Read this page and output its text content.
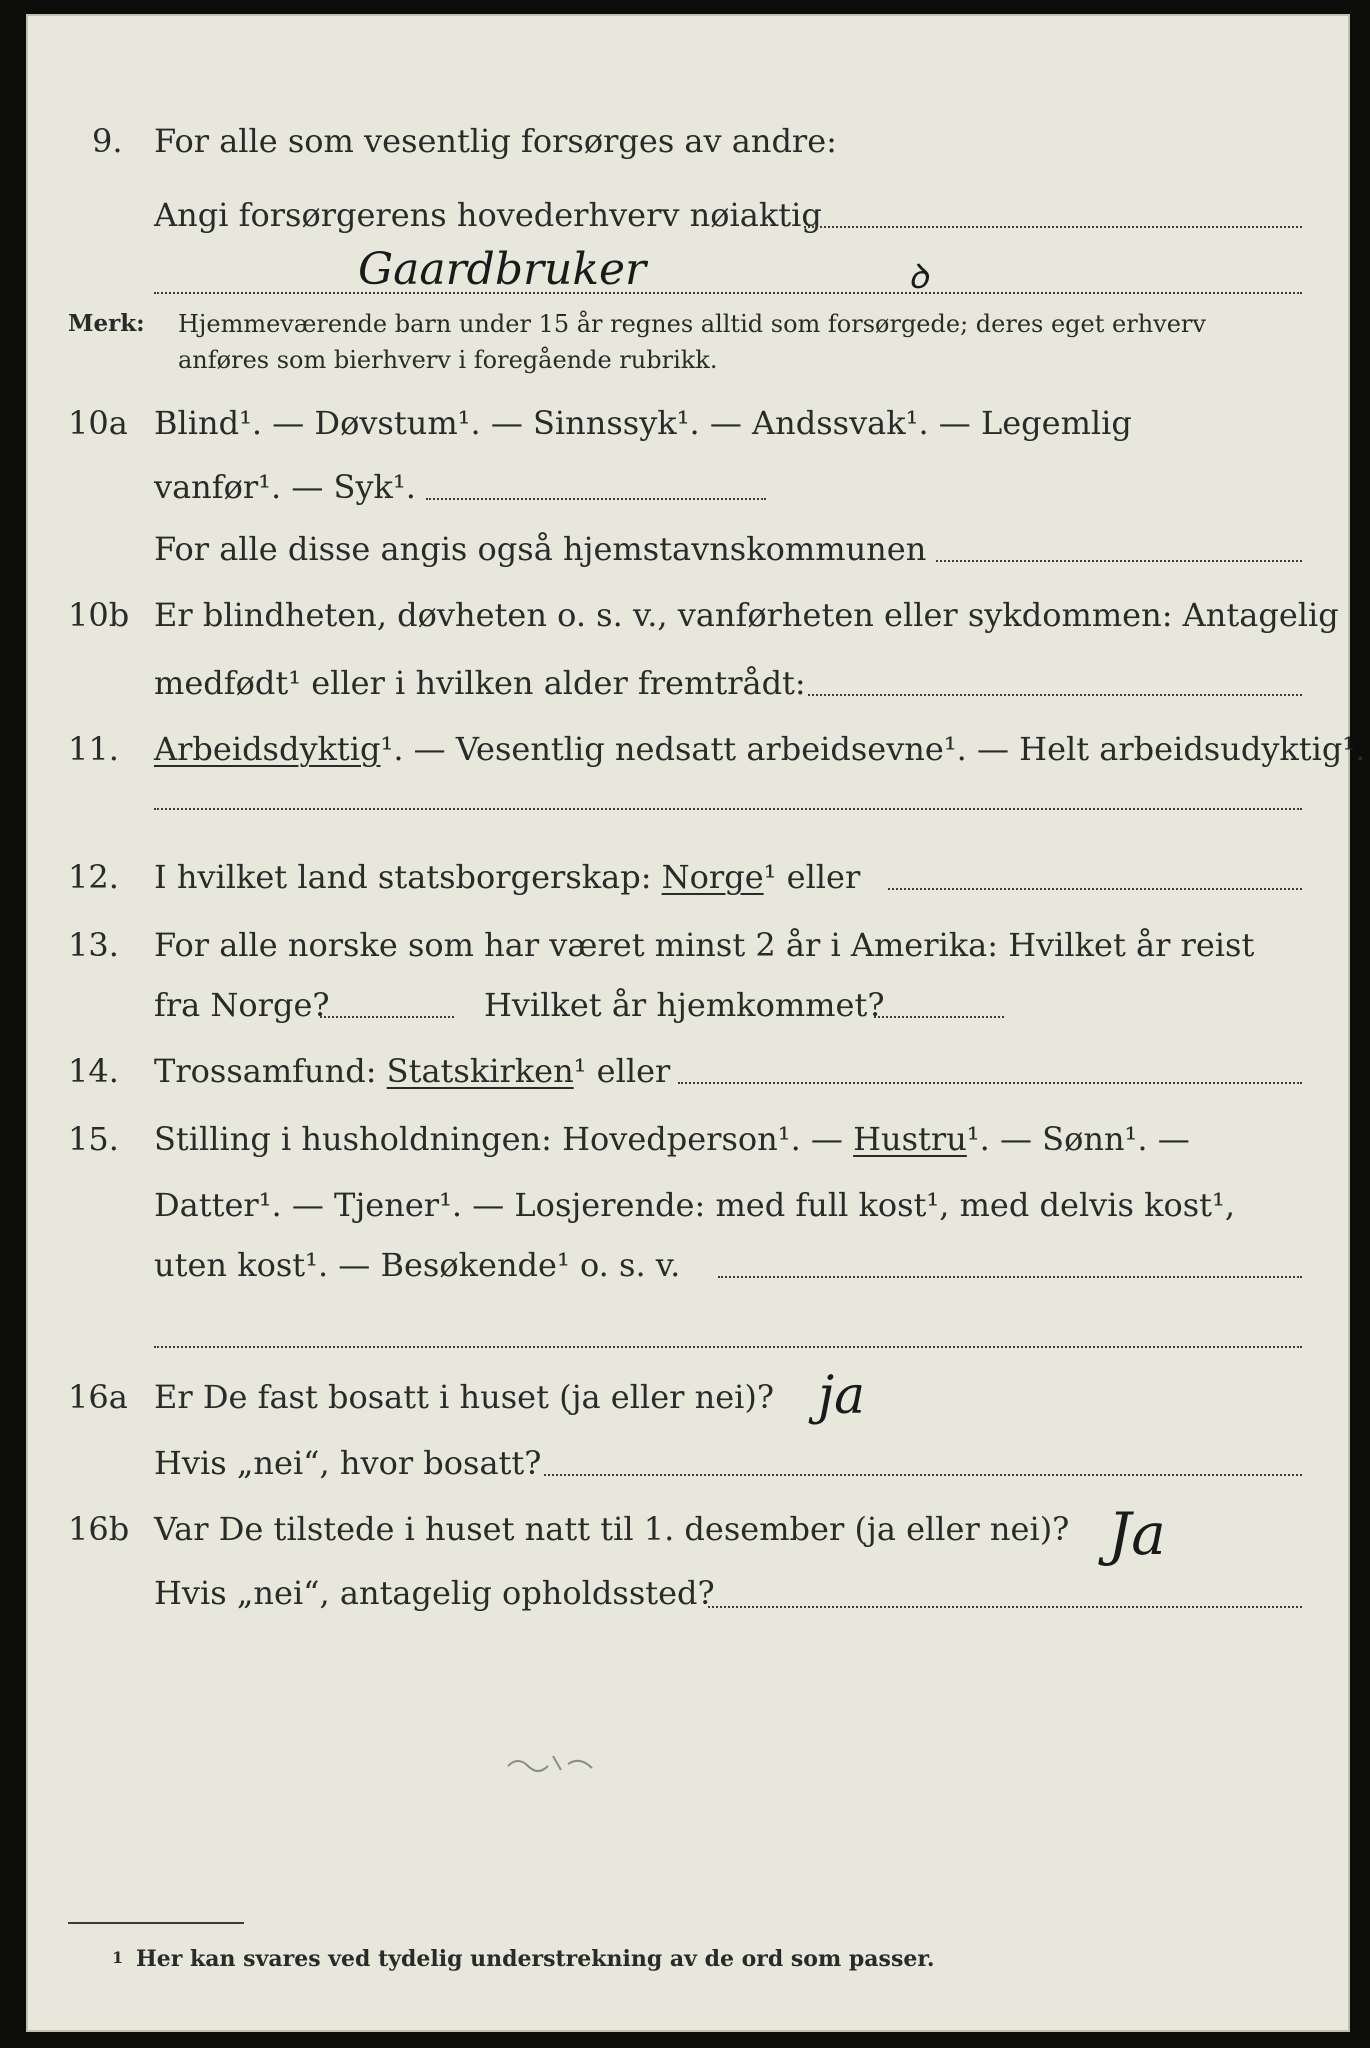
9. For alle som vesentlig forsørges av andre:
Angi forsørgerens hovederhverv nøiaktig
Gaardbruker	ꝺ
Merk: Hjemmeværende barn under 15 år regnes alltid som forsørgede; deres eget erhverv
anføres som bierhverv i foregående rubrikk.
10a Blind¹. — Døvstum¹. — Sinnssyk¹. — Andssvak¹. — Legemlig
vanfør¹. — Syk¹.
For alle disse angis også hjemstavnskommunen
10b Er blindheten, døvheten o. s. v., vanførheten eller sykdommen: Antagelig
medfødt¹ eller i hvilken alder fremtrådt:
11. Arbeidsdyktig¹. — Vesentlig nedsatt arbeidsevne¹. — Helt arbeidsudyktig¹.
12. I hvilket land statsborgerskap: Norge¹ eller
13. For alle norske som har været minst 2 år i Amerika: Hvilket år reist
fra Norge?	Hvilket år hjemkommet?
14. Trossamfund: Statskirken¹ eller
15. Stilling i husholdningen: Hovedperson¹. — Hustru¹. — Sønn¹. —
Datter¹. — Tjener¹. — Losjerende: med full kost¹, med delvis kost¹,
uten kost¹. — Besøkende¹ o. s. v.
16a Er De fast bosatt i huset (ja eller nei)? ja
Hvis „nei“, hvor bosatt?
16b Var De tilstede i huset natt til 1. desember (ja eller nei)? Ja
Hvis „nei“, antagelig opholdssted?
1 Her kan svares ved tydelig understrekning av de ord som passer.
